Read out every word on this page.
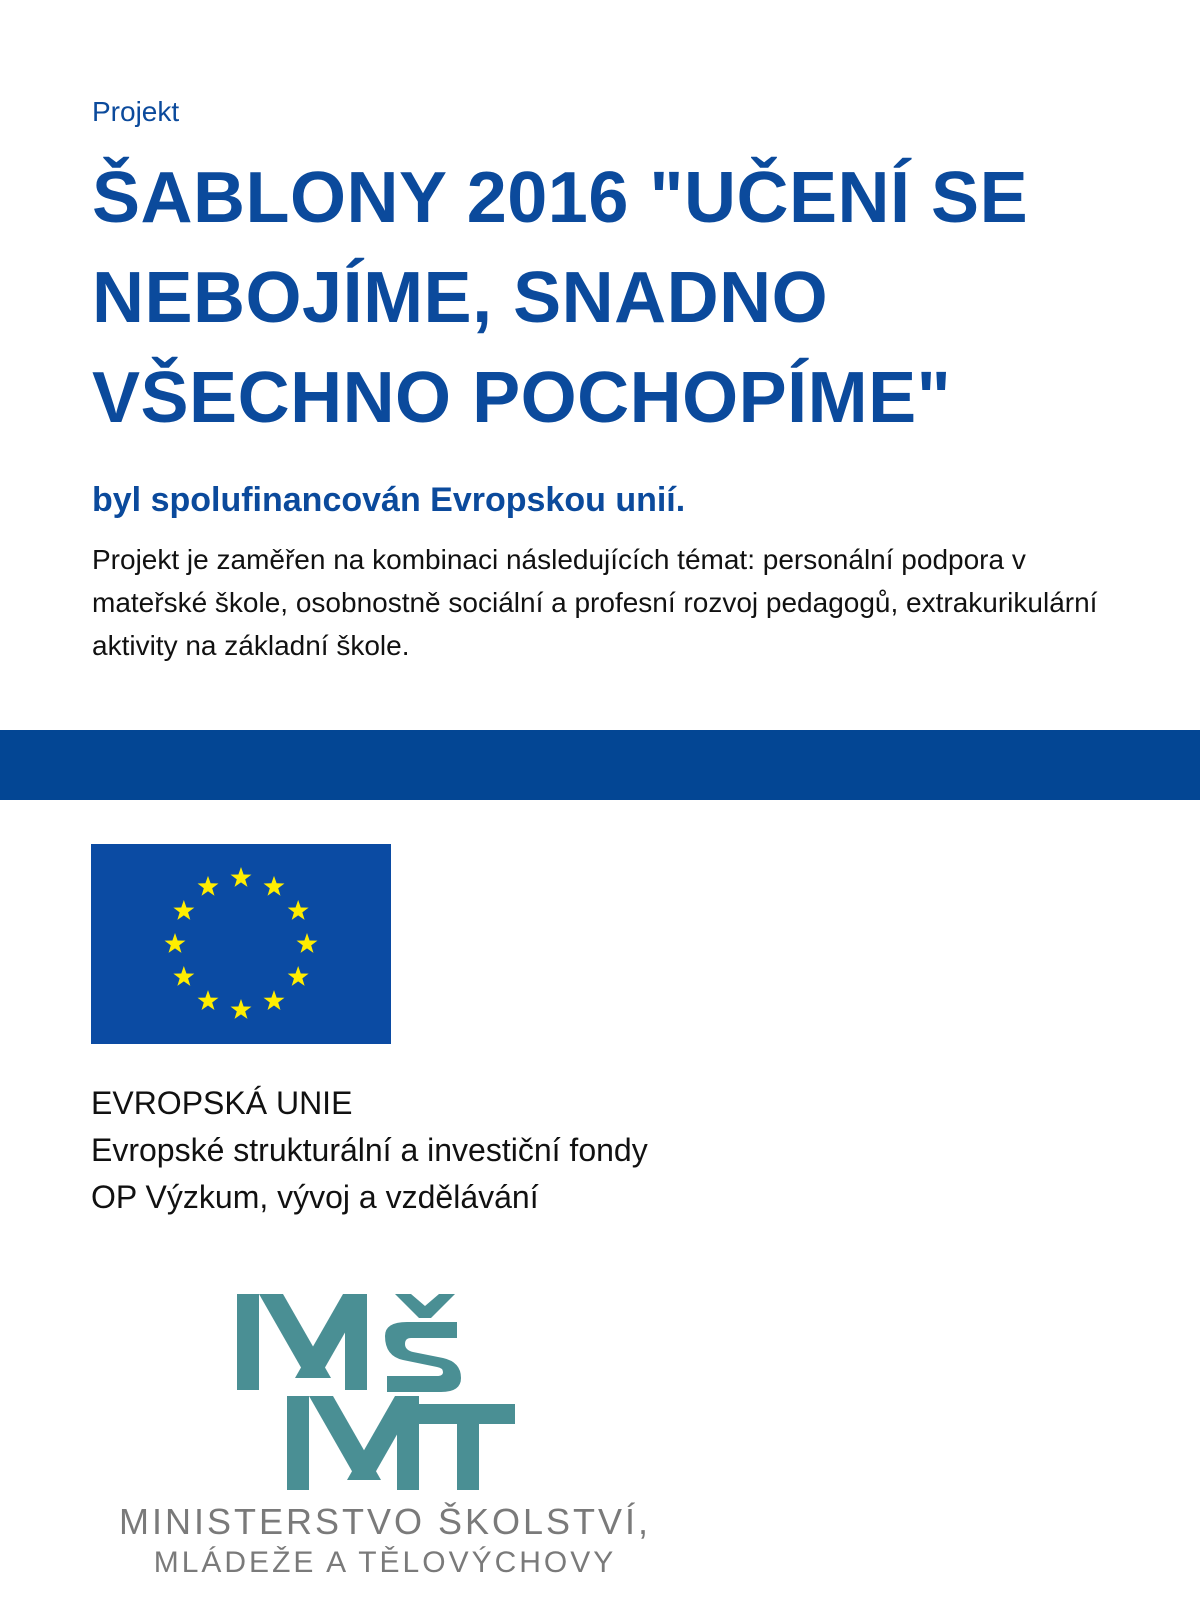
Projekt
ŠABLONY 2016 "UČENÍ SE NEBOJÍME, SNADNO VŠECHNO POCHOPÍME"
byl spolufinancován Evropskou unií.
Projekt je zaměřen na kombinaci následujících témat: personální podpora v mateřské škole, osobnostně sociální a profesní rozvoj pedagogů, extrakurikulární aktivity na základní škole.
EVROPSKÁ UNIE
Evropské strukturální a investiční fondy
OP Výzkum, vývoj a vzdělávání
MINISTERSTVO ŠKOLSTVÍ,
MLÁDEŽE A TĚLOVÝCHOVY
